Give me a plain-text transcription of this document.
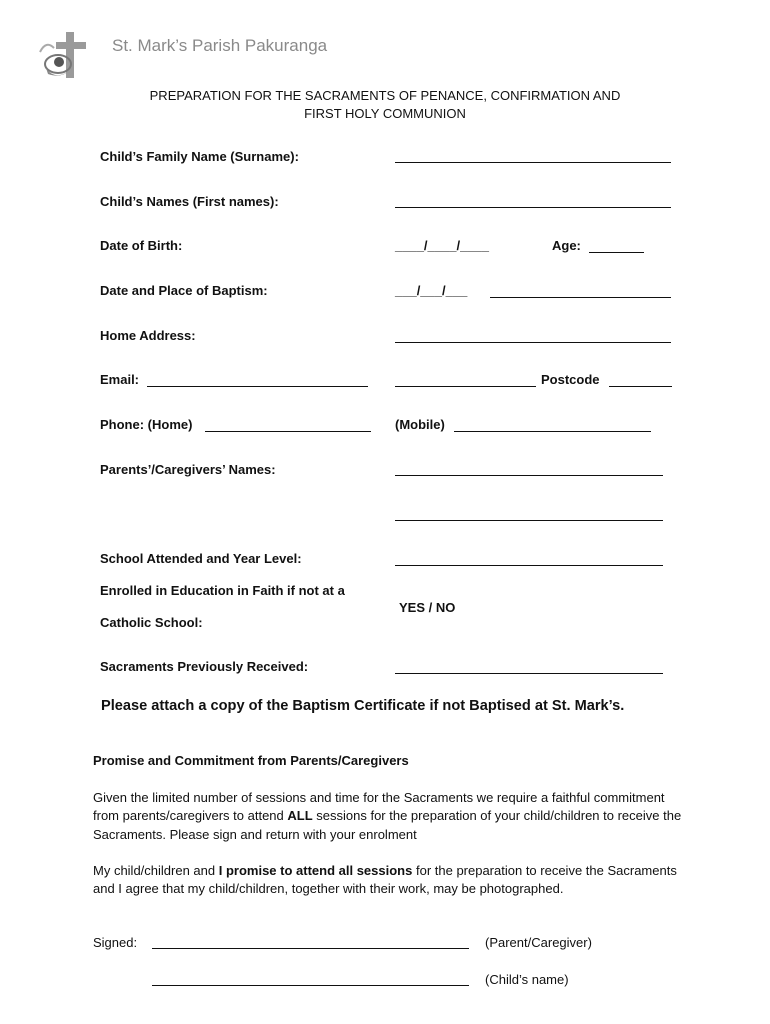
St. Mark’s Parish Pakuranga
PREPARATION FOR THE SACRAMENTS OF PENANCE, CONFIRMATION AND
FIRST HOLY COMMUNION
Child’s Family Name (Surname):
Child’s Names (First names):
Date of Birth:	____/____/____	Age:
Date and Place of Baptism:	___/___/___
Home Address:
Email:	Postcode
Phone: (Home)	(Mobile)
Parents’/Caregivers’ Names:
School Attended and Year Level:
Enrolled in Education in Faith if not at a
Catholic School:
YES / NO
Sacraments Previously Received:
Please attach a copy of the Baptism Certificate if not Baptised at St. Mark’s.
Promise and Commitment from Parents/Caregivers
Given the limited number of sessions and time for the Sacraments we require a faithful commitment from parents/caregivers to attend ALL sessions for the preparation of your child/children to receive the Sacraments. Please sign and return with your enrolment
My child/children and I promise to attend all sessions for the preparation to receive the Sacraments and I agree that my child/children, together with their work, may be photographed.
Signed:	(Parent/Caregiver)
(Child’s name)
